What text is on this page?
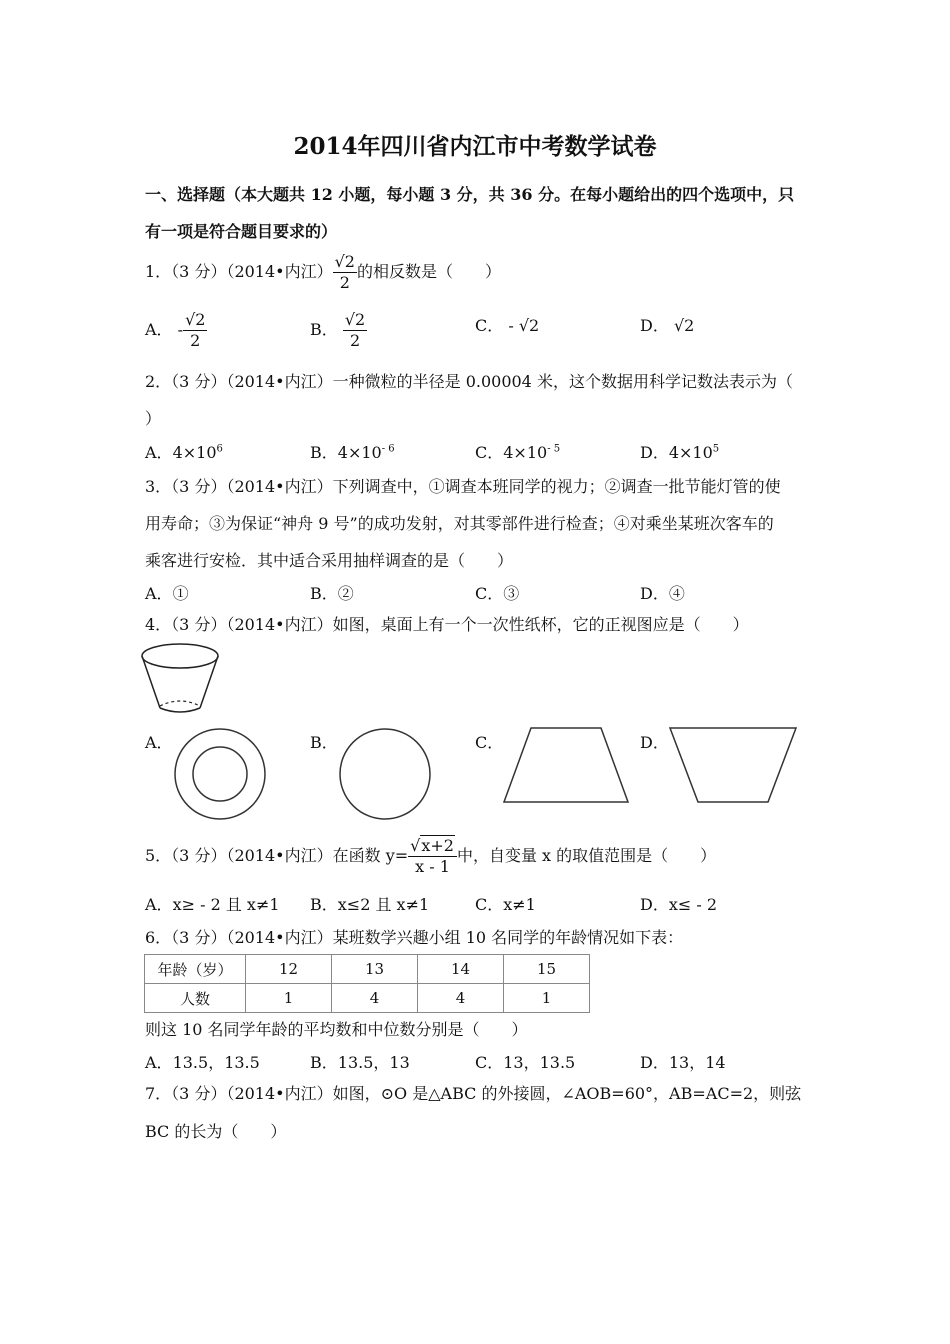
2014年四川省内江市中考数学试卷
一、选择题（本大题共 12 小题，每小题 3 分，共 36 分。在每小题给出的四个选项中，只
有一项是符合题目要求的）
1．（3 分）（2014•内江） $\frac{√2}{2}$ 的相反数是（　　）
A． - $\frac{√2}{2}$	B． $\frac{√2}{2}$	C． - √2	D． √2
2．（3 分）（2014•内江）一种微粒的半径是 0.00004 米，这个数据用科学记数法表示为（
）
A．$4\times 10^6$	B．$4\times 10^{- 6}$	C．$4\times 10^{- 5}$	D．$4\times 10^5$
3．（3 分）（2014•内江）下列调查中，①调查本班同学的视力；②调查一批节能灯管的使
用寿命；③为保证“神舟 9 号”的成功发射，对其零部件进行检查；④对乘坐某班次客车的
乘客进行安检．其中适合采用抽样调查的是（　　）
A．①	B．②	C．③	D．④
4．（3 分）（2014•内江）如图，桌面上有一个一次性纸杯，它的正视图应是（　　）
A．	B．	C．	D．
5．（3 分）（2014•内江）在函数 $y= \frac{√x+2}{x - 1}$ 中，自变量 x 的取值范围是（　　）
A．x≥ - 2 且 x≠1 B．x≤2 且 x≠1	C．x≠1	D．x≤ - 2
6．（3 分）（2014•内江）某班数学兴趣小组 10 名同学的年龄情况如下表：
年龄（岁）	12	13	14	15
人数	1	4	4	1
则这 10 名同学年龄的平均数和中位数分别是（　　）
A．13.5，13.5	B．13.5，13	C．13，13.5	D．13，14
7．（3 分）（2014•内江）如图，⊙O 是△ABC 的外接圆，∠AOB=60°，AB=AC=2，则弦
BC 的长为（　　）
